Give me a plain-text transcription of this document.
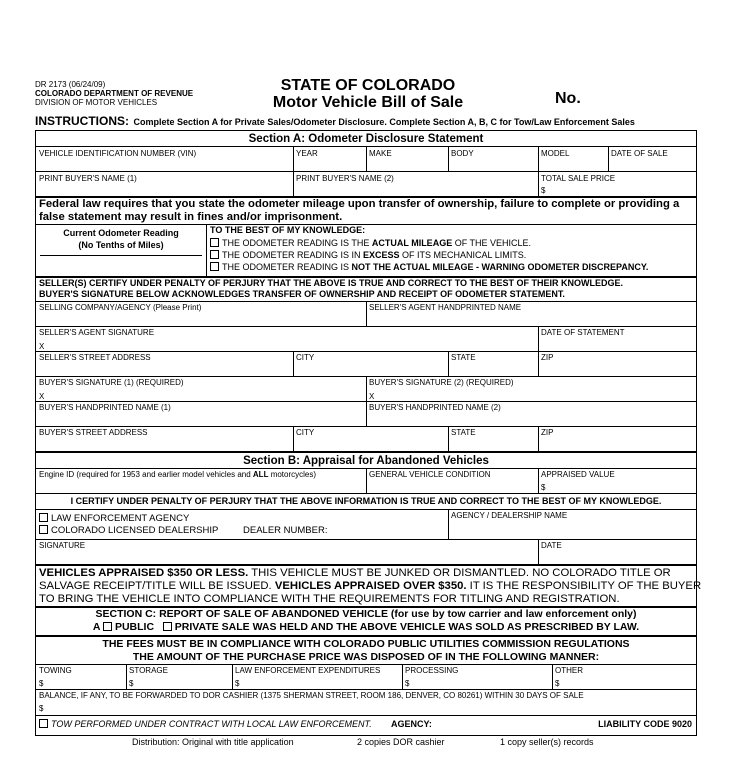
DR 2173 (06/24/09)
COLORADO DEPARTMENT OF REVENUE
DIVISION OF MOTOR VEHICLES
STATE OF COLORADO
Motor Vehicle Bill of Sale	No.
INSTRUCTIONS: Complete Section A for Private Sales/Odometer Disclosure. Complete Section A, B, C for Tow/Law Enforcement Sales
Section A: Odometer Disclosure Statement
VEHICLE IDENTIFICATION NUMBER (VIN)	YEAR	MAKE	BODY	MODEL	DATE OF SALE
PRINT BUYER'S NAME (1)	PRINT BUYER'S NAME (2)	TOTAL SALE PRICE
$
Federal law requires that you state the odometer mileage upon transfer of ownership, failure to complete or providing a false statement may result in fines and/or imprisonment.
Current Odometer Reading
(No Tenths of Miles)
TO THE BEST OF MY KNOWLEDGE:
THE ODOMETER READING IS THE ACTUAL MILEAGE OF THE VEHICLE.
THE ODOMETER READING IS IN EXCESS OF ITS MECHANICAL LIMITS.
THE ODOMETER READING IS NOT THE ACTUAL MILEAGE - WARNING ODOMETER DISCREPANCY.
SELLER(S) CERTIFY UNDER PENALTY OF PERJURY THAT THE ABOVE IS TRUE AND CORRECT TO THE BEST OF THEIR KNOWLEDGE.
BUYER'S SIGNATURE BELOW ACKNOWLEDGES TRANSFER OF OWNERSHIP AND RECEIPT OF ODOMETER STATEMENT.
SELLING COMPANY/AGENCY (Please Print)	SELLER'S AGENT HANDPRINTED NAME
SELLER'S AGENT SIGNATURE
X
DATE OF STATEMENT
SELLER'S STREET ADDRESS	CITY	STATE	ZIP
BUYER'S SIGNATURE (1) (REQUIRED)
X
BUYER'S SIGNATURE (2) (REQUIRED)
X
BUYER'S HANDPRINTED NAME (1)	BUYER'S HANDPRINTED NAME (2)
BUYER'S STREET ADDRESS	CITY	STATE	ZIP
Section B: Appraisal for Abandoned Vehicles
Engine ID (required for 1953 and earlier model vehicles and ALL motorcycles)	GENERAL VEHICLE CONDITION	APPRAISED VALUE
$
I CERTIFY UNDER PENALTY OF PERJURY THAT THE ABOVE INFORMATION IS TRUE AND CORRECT TO THE BEST OF MY KNOWLEDGE.
LAW ENFORCEMENT AGENCY
COLORADO LICENSED DEALERSHIP	DEALER NUMBER:
AGENCY / DEALERSHIP NAME
SIGNATURE	DATE
VEHICLES APPRAISED $350 OR LESS. THIS VEHICLE MUST BE JUNKED OR DISMANTLED. NO COLORADO TITLE OR
SALVAGE RECEIPT/TITLE WILL BE ISSUED. VEHICLES APPRAISED OVER $350. IT IS THE RESPONSIBILITY OF THE BUYER
TO BRING THE VEHICLE INTO COMPLIANCE WITH THE REQUIREMENTS FOR TITLING AND REGISTRATION.
SECTION C: REPORT OF SALE OF ABANDONED VEHICLE (for use by tow carrier and law enforcement only)
A PUBLIC PRIVATE SALE WAS HELD AND THE ABOVE VEHICLE WAS SOLD AS PRESCRIBED BY LAW.
THE FEES MUST BE IN COMPLIANCE WITH COLORADO PUBLIC UTILITIES COMMISSION REGULATIONS
THE AMOUNT OF THE PURCHASE PRICE WAS DISPOSED OF IN THE FOLLOWING MANNER:
TOWING
$
STORAGE
$
LAW ENFORCEMENT EXPENDITURES
$
PROCESSING
$
OTHER
$
BALANCE, IF ANY, TO BE FORWARDED TO DOR CASHIER (1375 SHERMAN STREET, ROOM 186, DENVER, CO 80261) WITHIN 30 DAYS OF SALE
$
TOW PERFORMED UNDER CONTRACT WITH LOCAL LAW ENFORCEMENT. AGENCY:	LIABILITY CODE 9020
Distribution: Original with title application	2 copies DOR cashier	1 copy seller(s) records
